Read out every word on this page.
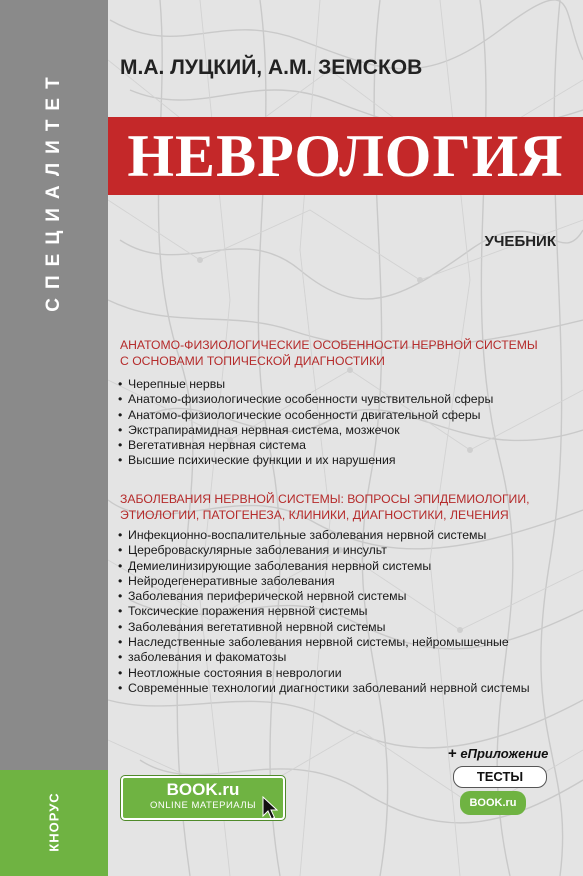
СПЕЦИАЛИТЕТ
КНОРУС
М.А. ЛУЦКИЙ, А.М. ЗЕМСКОВ
НЕВРОЛОГИЯ
УЧЕБНИК
АНАТОМО-ФИЗИОЛОГИЧЕСКИЕ ОСОБЕННОСТИ НЕРВНОЙ СИСТЕМЫ
С ОСНОВАМИ ТОПИЧЕСКОЙ ДИАГНОСТИКИ
• Черепные нервы
• Анатомо-физиологические особенности чувствительной сферы
• Анатомо-физиологические особенности двигательной сферы
• Экстрапирамидная нервная система, мозжечок
• Вегетативная нервная система
• Высшие психические функции и их нарушения
ЗАБОЛЕВАНИЯ НЕРВНОЙ СИСТЕМЫ: ВОПРОСЫ ЭПИДЕМИОЛОГИИ,
ЭТИОЛОГИИ, ПАТОГЕНЕЗА, КЛИНИКИ, ДИАГНОСТИКИ, ЛЕЧЕНИЯ
• Инфекционно-воспалительные заболевания нервной системы
• Цереброваскулярные заболевания и инсульт
• Демиелинизирующие заболевания нервной системы
• Нейродегенеративные заболевания
• Заболевания периферической нервной системы
• Токсические поражения нервной системы
• Заболевания вегетативной нервной системы
• Наследственные заболевания нервной системы, нейромышечные
• заболевания и факоматозы
• Неотложные состояния в неврологии
• Современные технологии диагностики заболеваний нервной системы
+ еПриложение
ТЕСТЫ
BOOK.ru
BOOK.ru
ONLINE МАТЕРИАЛЫ
